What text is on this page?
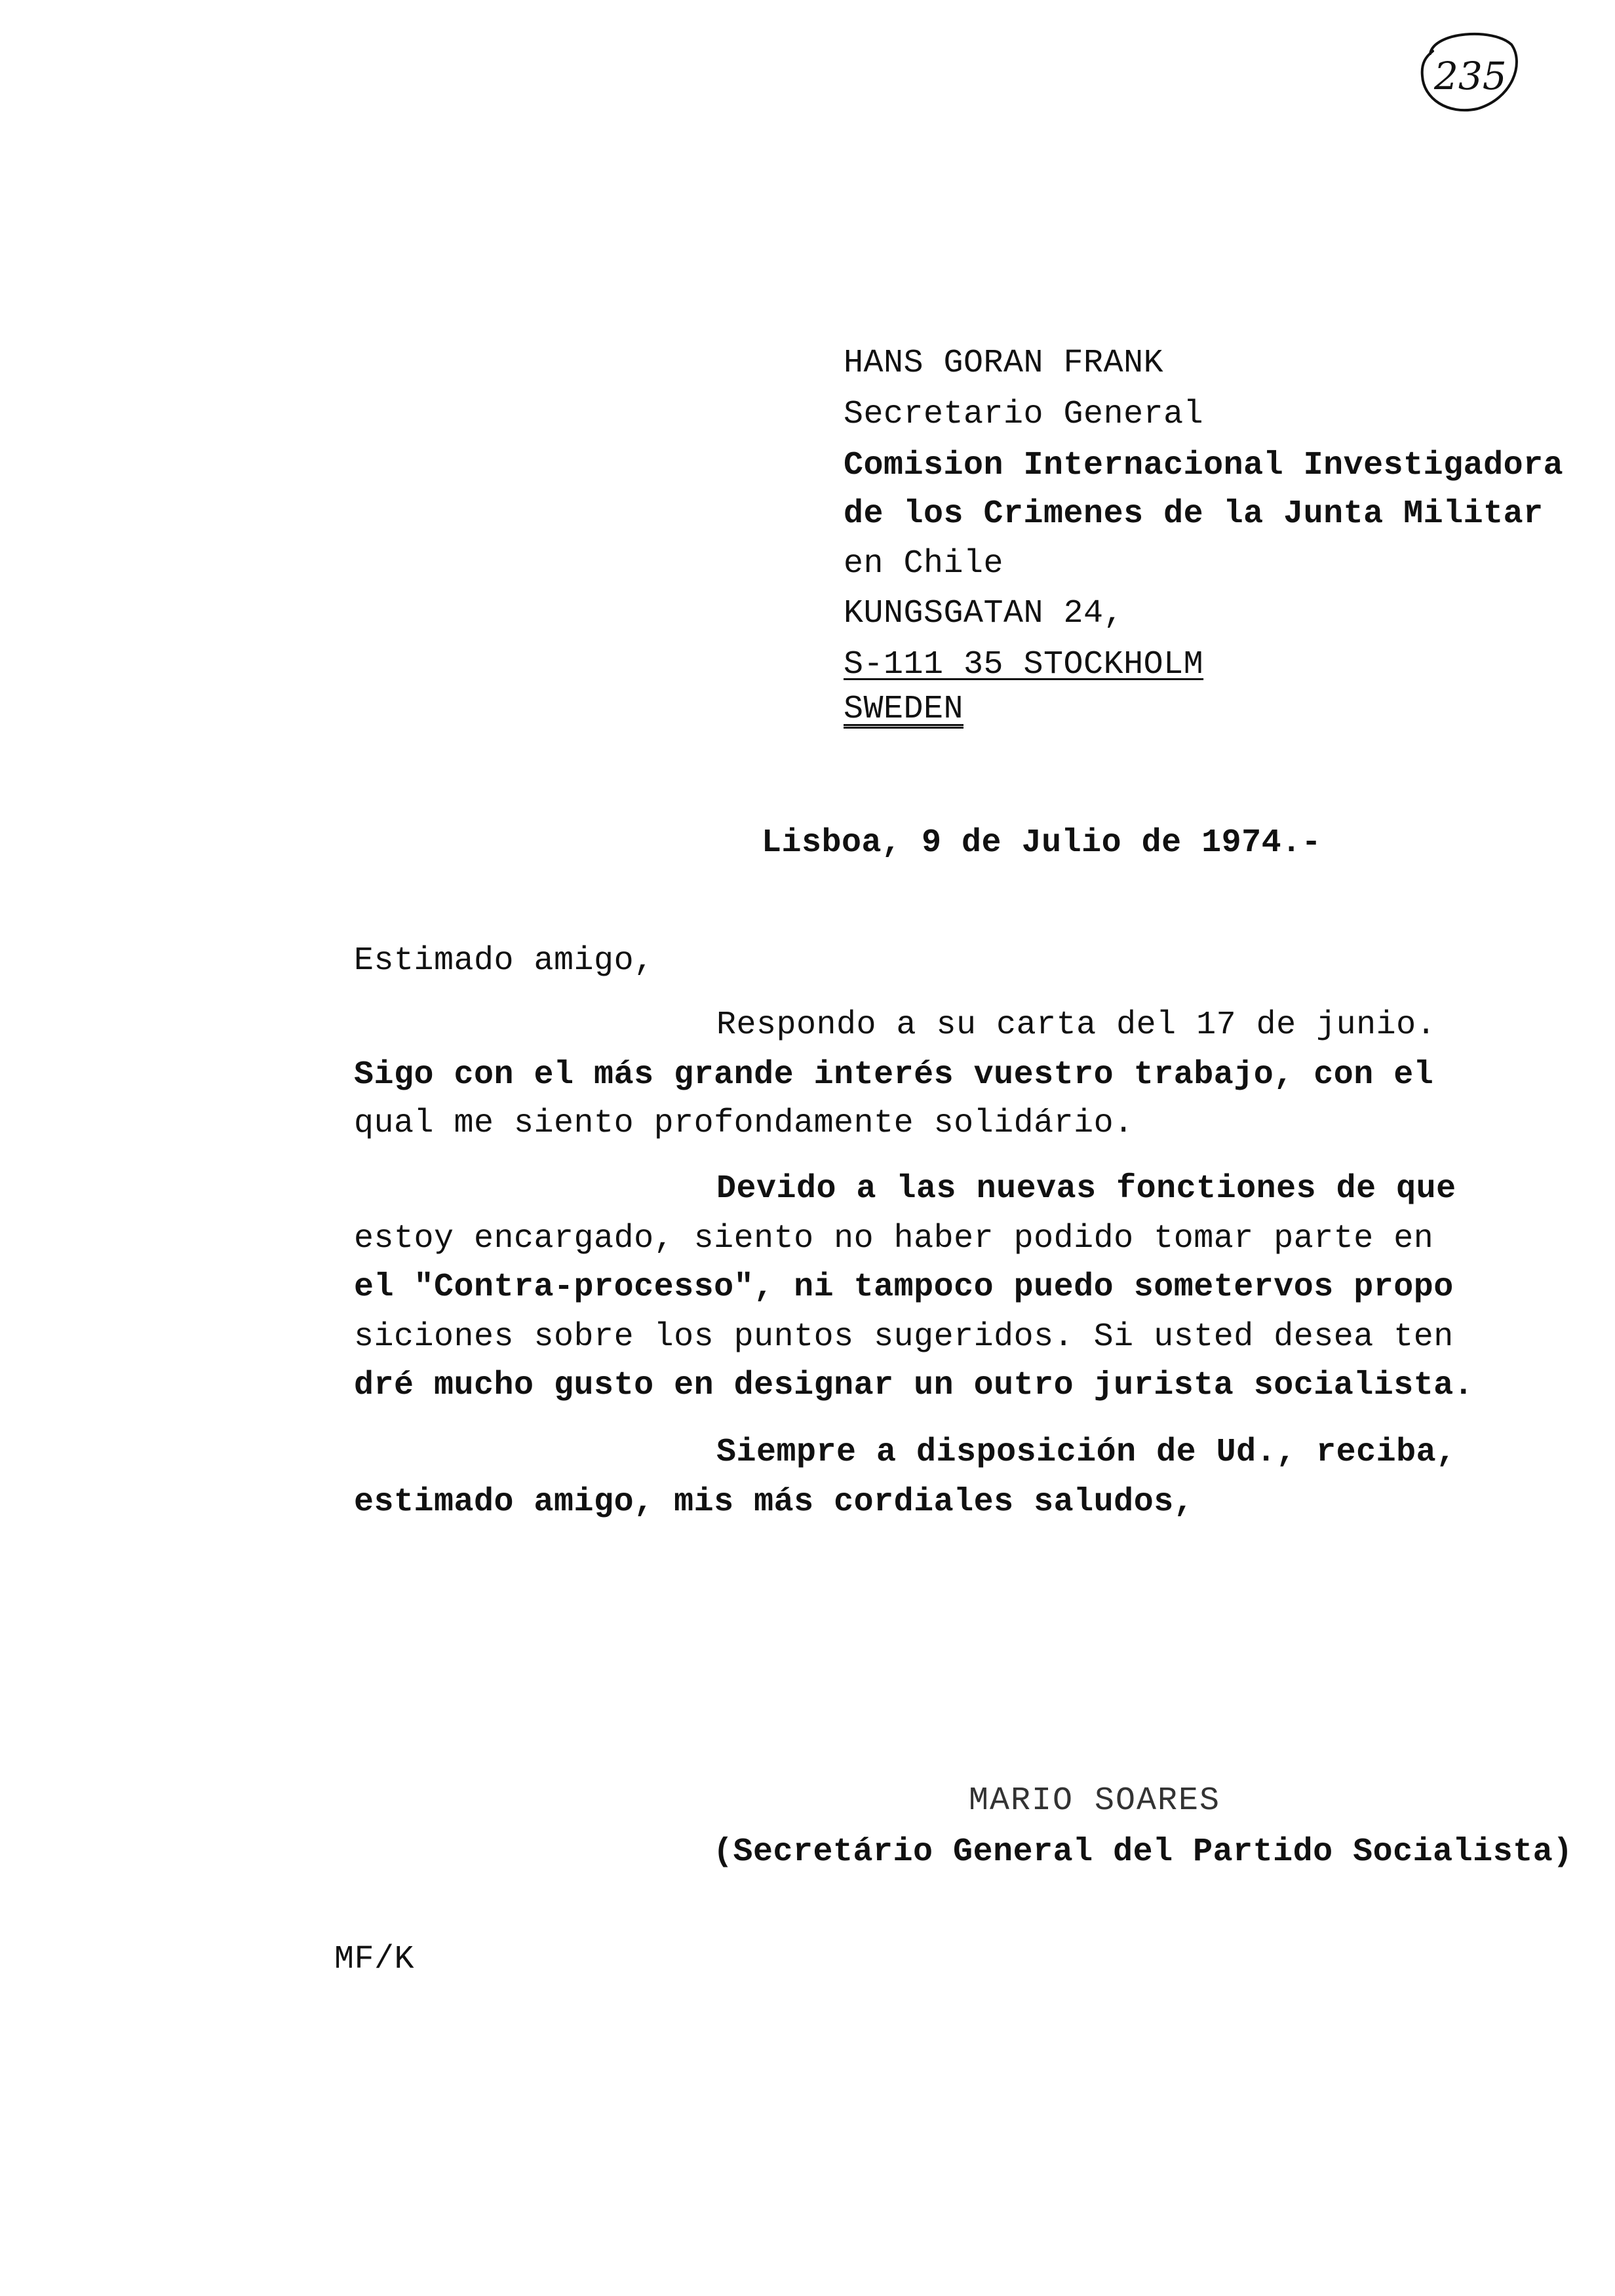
235
HANS GORAN FRANK
Secretario General
Comision Internacional Investigadora
de los Crimenes de la Junta Militar
en Chile
KUNGSGATAN 24,
S-111 35 STOCKHOLM
SWEDEN
Lisboa, 9 de Julio de 1974.-
Estimado amigo,
Respondo a su carta del 17 de junio.
Sigo con el más grande interés vuestro trabajo, con el
qual me siento profondamente solidário.
Devido a las nuevas fonctiones de que
estoy encargado, siento no haber podido tomar parte en
el "Contra-processo", ni tampoco puedo sometervos propo
siciones sobre los puntos sugeridos. Si usted desea ten
dré mucho gusto en designar un outro jurista socialista.
Siempre a disposición de Ud., reciba,
estimado amigo, mis más cordiales saludos,
MARIO SOARES
(Secretário General del Partido Socialista)
MF/K
